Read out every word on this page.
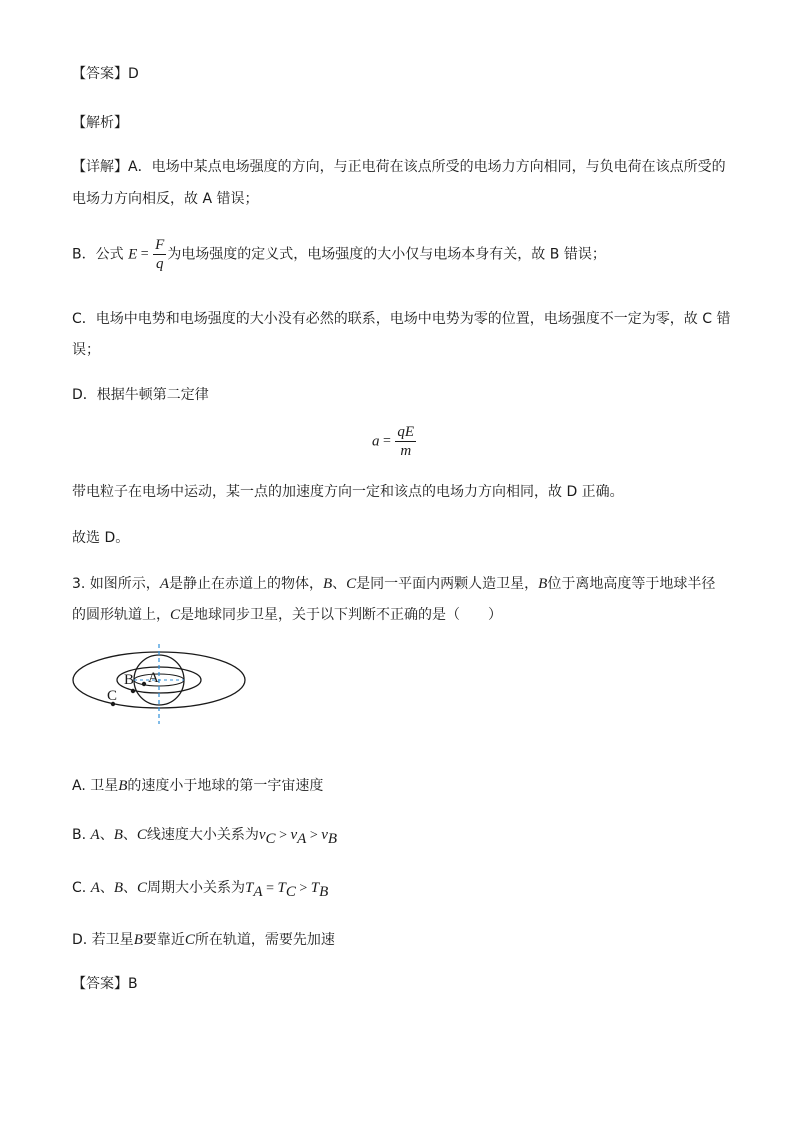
【答案】D
【解析】
【详解】A．电场中某点电场强度的方向，与正电荷在该点所受的电场力方向相同，与负电荷在该点所受的
电场力方向相反，故 A 错误；
B．公式 $E = \frac{F}{q}$ 为电场强度的定义式，电场强度的大小仅与电场本身有关，故 B 错误；
C．电场中电势和电场强度的大小没有必然的联系，电场中电势为零的位置，电场强度不一定为零，故 C 错
误；
D．根据牛顿第二定律
$a = \frac{qE}{m}$
带电粒子在电场中运动，某一点的加速度方向一定和该点的电场力方向相同，故 D 正确。
故选 D。
3. 如图所示，A是静止在赤道上的物体，B、C是同一平面内两颗人造卫星，B位于离地高度等于地球半径
的圆形轨道上，C是地球同步卫星，关于以下判断不正确的是（　　）
A
B
C
A. 卫星B的速度小于地球的第一宇宙速度
B. A、B、C线速度大小关系为$v_C > v_A > v_B$
C. A、B、C周期大小关系为$T_A = T_C > T_B$
D. 若卫星B要靠近C所在轨道，需要先加速
【答案】B
